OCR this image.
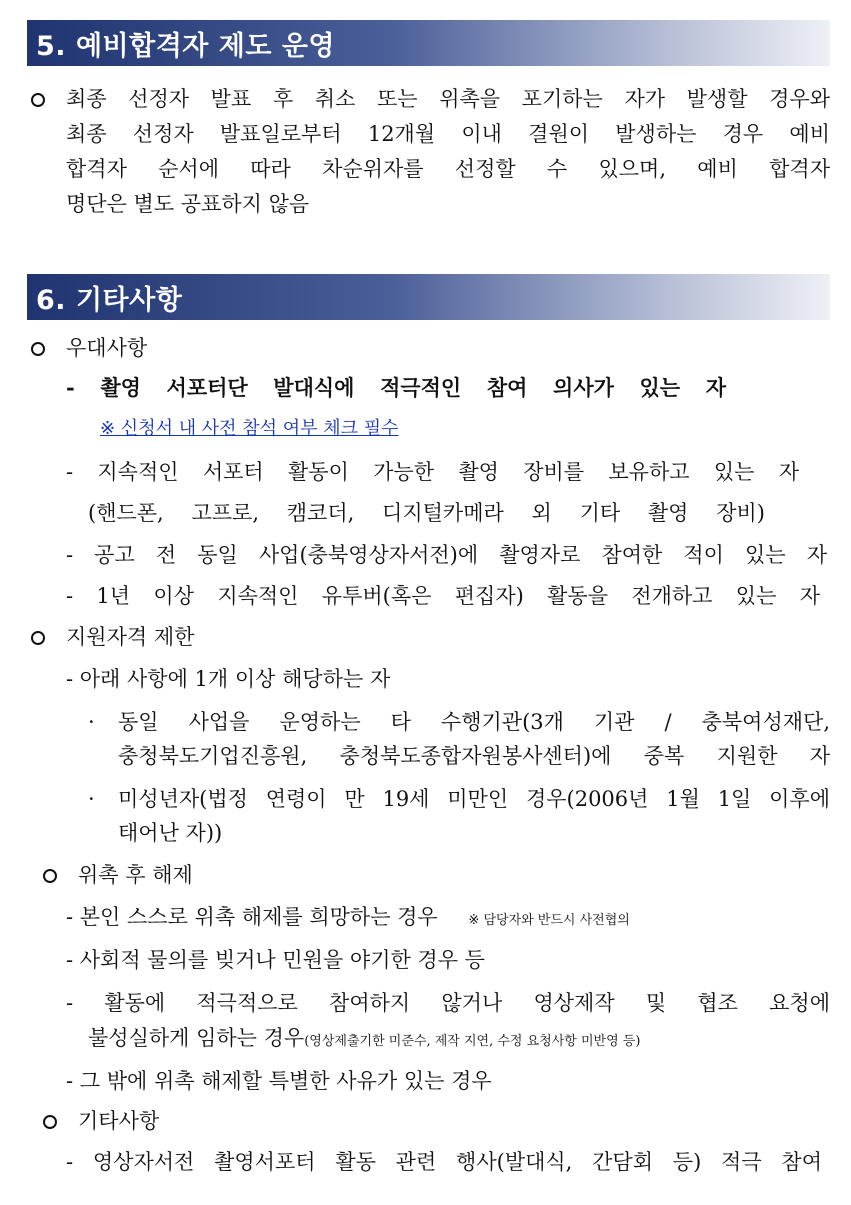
5. 예비합격자 제도 운영
최종 선정자 발표 후 취소 또는 위촉을 포기하는 자가 발생할 경우와
최종 선정자 발표일로부터 12개월 이내 결원이 발생하는 경우 예비
합격자 순서에 따라 차순위자를 선정할 수 있으며, 예비 합격자
명단은 별도 공표하지 않음
6. 기타사항
우대사항
- 촬영 서포터단 발대식에 적극적인 참여 의사가 있는 자
※ 신청서 내 사전 참석 여부 체크 필수
- 지속적인 서포터 활동이 가능한 촬영 장비를 보유하고 있는 자
(핸드폰, 고프로, 캠코더, 디지털카메라 외 기타 촬영 장비)
- 공고 전 동일 사업(충북영상자서전)에 촬영자로 참여한 적이 있는 자
- 1년 이상 지속적인 유투버(혹은 편집자) 활동을 전개하고 있는 자
지원자격 제한
- 아래 사항에 1개 이상 해당하는 자
· 동일 사업을 운영하는 타 수행기관(3개 기관 / 충북여성재단,
충청북도기업진흥원, 충청북도종합자원봉사센터)에 중복 지원한 자
· 미성년자(법정 연령이 만 19세 미만인 경우(2006년 1월 1일 이후에
태어난 자))
위촉 후 해제
- 본인 스스로 위촉 해제를 희망하는 경우 ※ 담당자와 반드시 사전협의
- 사회적 물의를 빚거나 민원을 야기한 경우 등
- 활동에 적극적으로 참여하지 않거나 영상제작 및 협조 요청에
불성실하게 임하는 경우(영상제출기한 미준수, 제작 지연, 수정 요청사항 미반영 등)
- 그 밖에 위촉 해제할 특별한 사유가 있는 경우
기타사항
- 영상자서전 촬영서포터 활동 관련 행사(발대식, 간담회 등) 적극 참여
